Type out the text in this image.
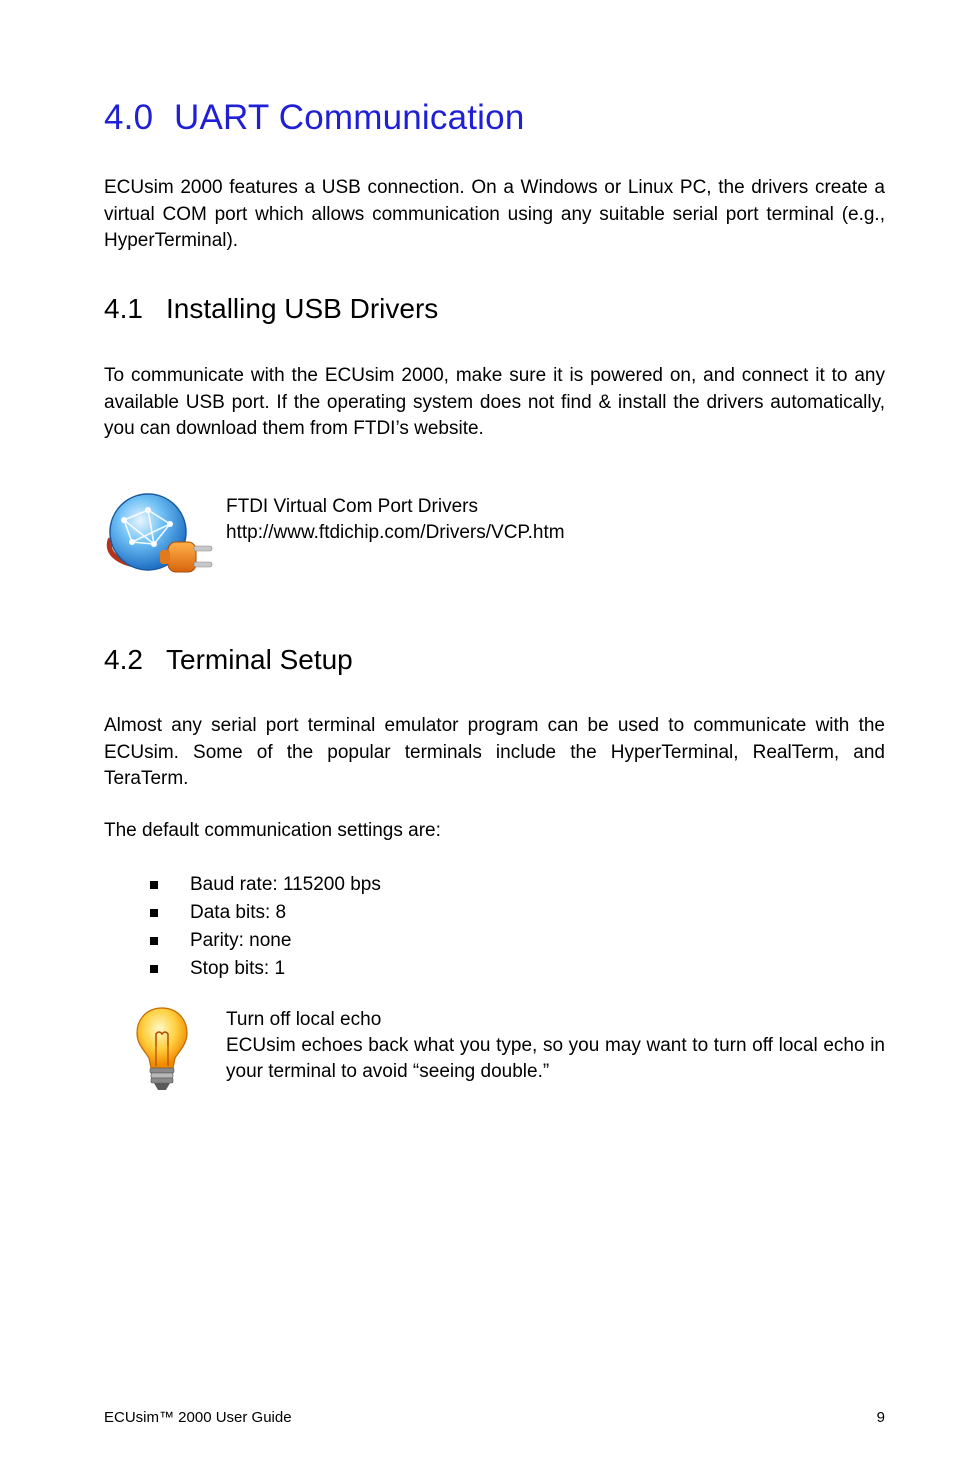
4.0 UART Communication

ECUsim 2000 features a USB connection. On a Windows or Linux PC, the drivers create a virtual COM port which allows communication using any suitable serial port terminal (e.g., HyperTerminal).

4.1 Installing USB Drivers

To communicate with the ECUsim 2000, make sure it is powered on, and connect it to any available USB port. If the operating system does not find & install the drivers automatically, you can download them from FTDI’s website.

FTDI Virtual Com Port Drivers
http://www.ftdichip.com/Drivers/VCP.htm
4.2 Terminal Setup

Almost any serial port terminal emulator program can be used to communicate with the ECUsim. Some of the popular terminals include the HyperTerminal, RealTerm, and TeraTerm.

The default communication settings are:

Baud rate: 115200 bps
Data bits: 8
Parity: none
Stop bits: 1
Turn off local echo
ECUsim echoes back what you type, so you may want to turn off local echo in your terminal to avoid “seeing double.”
ECUsim™ 2000 User Guide	9
